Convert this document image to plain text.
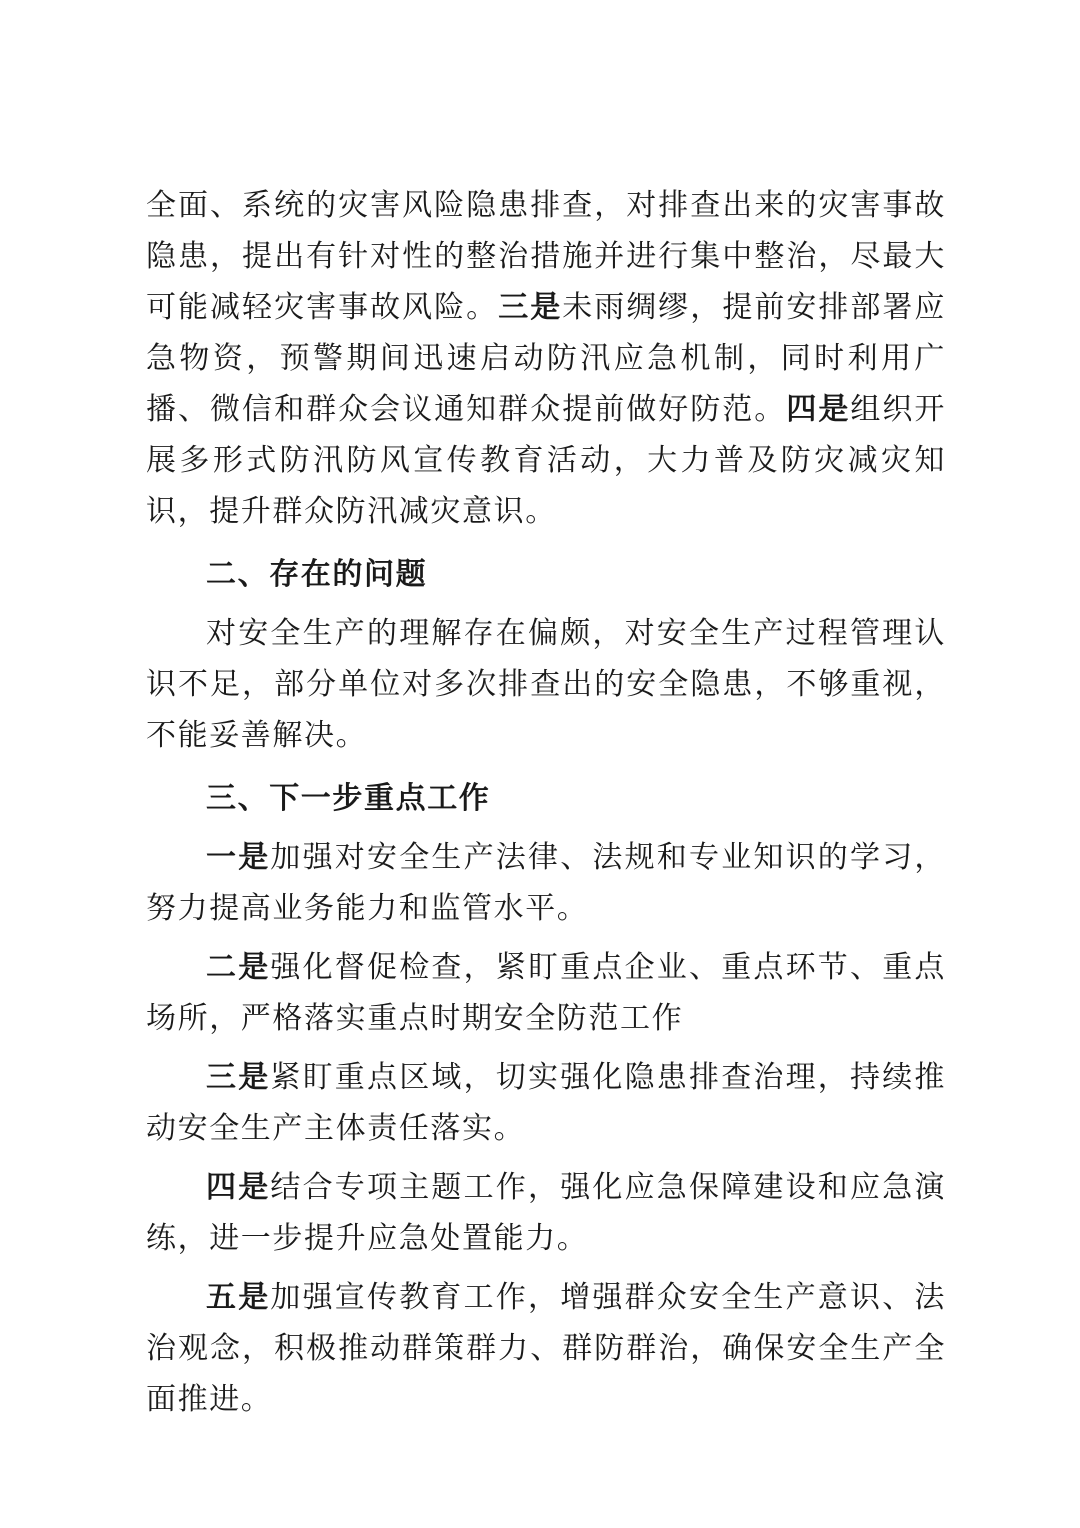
全面、系统的灾害风险隐患排查，对排查出来的灾害事故隐患，提出有针对性的整治措施并进行集中整治，尽最大可能减轻灾害事故风险。三是未雨绸缪，提前安排部署应急物资，预警期间迅速启动防汛应急机制，同时利用广播、微信和群众会议通知群众提前做好防范。四是组织开展多形式防汛防风宣传教育活动，大力普及防灾减灾知识，提升群众防汛减灾意识。

二、存在的问题

对安全生产的理解存在偏颇，对安全生产过程管理认识不足，部分单位对多次排查出的安全隐患，不够重视，不能妥善解决。

三、下一步重点工作

一是加强对安全生产法律、法规和专业知识的学习，努力提高业务能力和监管水平。

二是强化督促检查，紧盯重点企业、重点环节、重点场所，严格落实重点时期安全防范工作

三是紧盯重点区域，切实强化隐患排查治理，持续推动安全生产主体责任落实。

四是结合专项主题工作，强化应急保障建设和应急演练，进一步提升应急处置能力。

五是加强宣传教育工作，增强群众安全生产意识、法治观念，积极推动群策群力、群防群治，确保安全生产全面推进。
